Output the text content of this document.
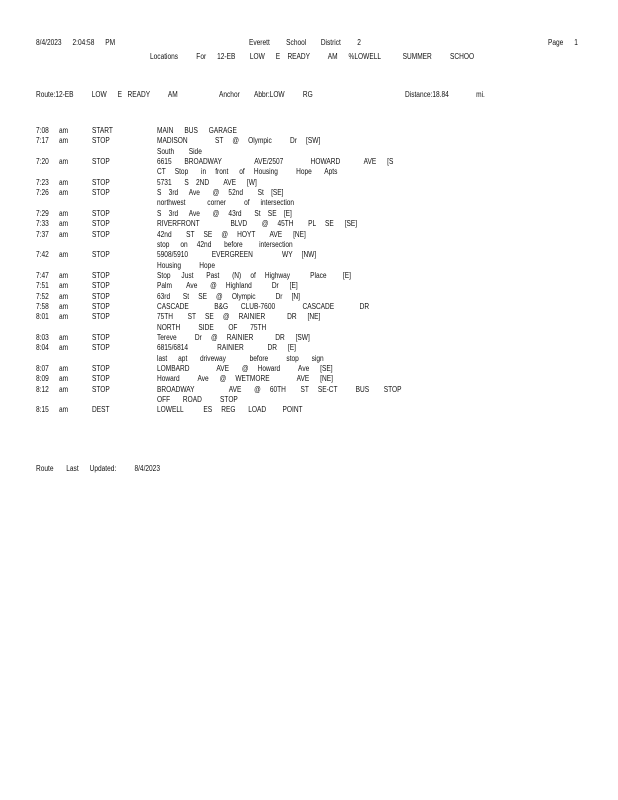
8/4/2023      2:04:58      PM	Everett         School        District         2	Page      1
Locations          For      12-EB        LOW      E    READY          AM      %LOWELL            SUMMER          SCHOO
Route:12-EB          LOW      E   READY          AM	Anchor        Abbr:LOW          RG	Distance:18.84               mi.
7:08 am	START	MAIN      BUS      GARAGE
7:17 am	STOP	MADISON               ST     @     Olympic          Dr     [SW]
South        Side
7:20 am	STOP	6615       BROADWAY                  AVE/2507               HOWARD             AVE      [S
CT     Stop       in     front      of     Housing          Hope       Apts
7:23 am	STOP	5731       S    2ND        AVE      [W]
7:26 am	STOP	S    3rd      Ave       @     52nd        St    [SE]
northwest            corner          of      intersection
7:29 am	STOP	S    3rd      Ave       @     43rd       St    SE    [E]
7:33 am	STOP	RIVERFRONT                 BLVD        @     45TH        PL     SE      [SE]
7:37 am	STOP	42nd        ST     SE     @     HOYT        AVE      [NE]
stop      on     42nd       before         intersection
7:42 am	STOP	5908/5910             EVERGREEN                WY     [NW]
Housing          Hope
7:47 am	STOP	Stop      Just       Past       (N)     of     Highway           Place         [E]
7:51 am	STOP	Palm        Ave       @     Highland           Dr      [E]
7:52 am	STOP	63rd       St     SE     @     Olympic           Dr     [N]
7:58 am	STOP	CASCADE              B&G       CLUB-7600               CASCADE              DR
8:01 am	STOP	75TH        ST     SE     @     RAINIER            DR      [NE]
NORTH          SIDE        OF       75TH
8:03 am	STOP	Tereve          Dr     @     RAINIER            DR      [SW]
8:04 am	STOP	6815/6814                RAINIER             DR      [E]
last      apt       driveway             before          stop       sign
8:07 am	STOP	LOMBARD               AVE       @     Howard          Ave      [SE]
8:09 am	STOP	Howard          Ave      @     WETMORE               AVE      [NE]
8:12 am	STOP	BROADWAY                   AVE       @     60TH        ST     SE-CT          BUS        STOP
OFF       ROAD          STOP
8:15 am	DEST	LOWELL           ES     REG       LOAD         POINT
Route       Last      Updated:          8/4/2023
